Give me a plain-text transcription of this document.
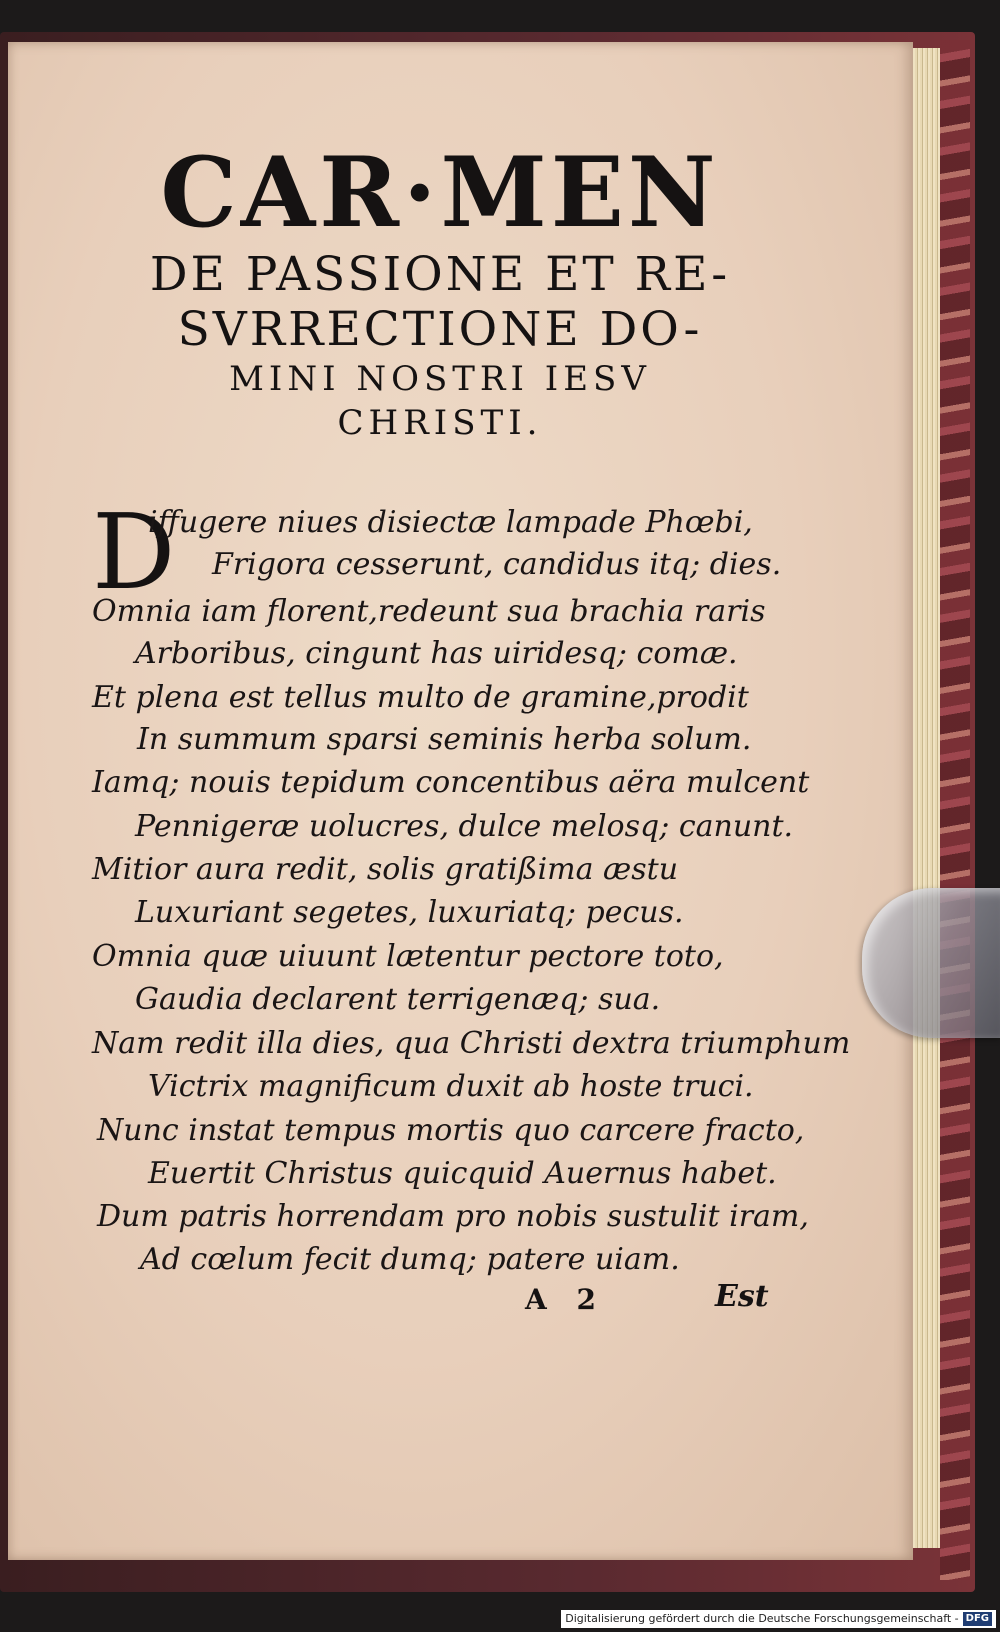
CAR·MEN
DE PASSIONE ET RE-
SVRRECTIONE DO-
MINI NOSTRI IESV
CHRISTI.
D
iffugere niues disiectæ lampade Phœbi,
Frigora cesserunt, candidus itq; dies.
Omnia iam florent,redeunt sua brachia raris
Arboribus, cingunt has uiridesq; comæ.
Et plena est tellus multo de gramine,prodit
In summum sparsi seminis herba solum.
Iamq; nouis tepidum concentibus aëra mulcent
Pennigeræ uolucres, dulce melosq; canunt.
Mitior aura redit, solis gratißima æstu
Luxuriant segetes, luxuriatq; pecus.
Omnia quæ uiuunt lætentur pectore toto,
Gaudia declarent terrigenæq; sua.
Nam redit illa dies, qua Christi dextra triumphum
Victrix magnificum duxit ab hoste truci.
Nunc instat tempus mortis quo carcere fracto,
Euertit Christus quicquid Auernus habet.
Dum patris horrendam pro nobis sustulit iram,
Ad cœlum fecit dumq; patere uiam.
A 2	Est
Digitalisierung gefördert durch die Deutsche Forschungsgemeinschaft - DFG
